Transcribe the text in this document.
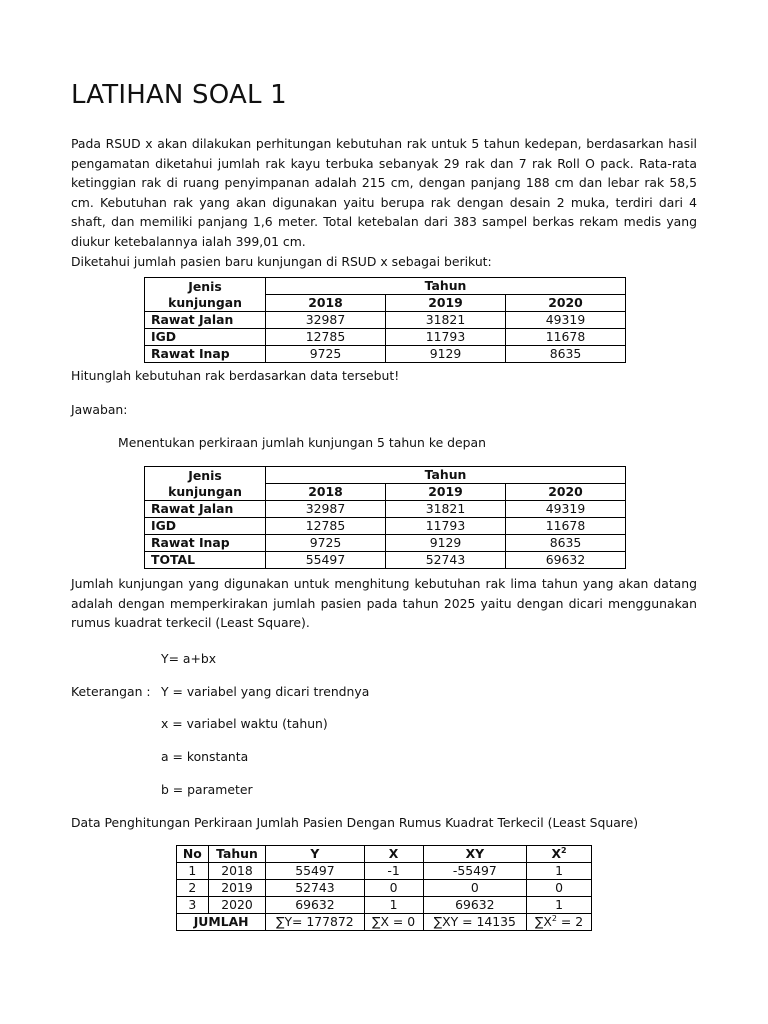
LATIHAN SOAL 1
Pada RSUD x akan dilakukan perhitungan kebutuhan rak untuk 5 tahun kedepan, berdasarkan hasil pengamatan diketahui jumlah rak kayu terbuka sebanyak 29 rak dan 7 rak Roll O pack. Rata-rata ketinggian rak di ruang penyimpanan adalah 215 cm, dengan panjang 188 cm dan lebar rak 58,5 cm. Kebutuhan rak yang akan digunakan yaitu berupa rak dengan desain 2 muka, terdiri dari 4 shaft, dan memiliki panjang 1,6 meter. Total ketebalan dari 383 sampel berkas rekam medis yang diukur ketebalannya ialah 399,01 cm.
Diketahui jumlah pasien baru kunjungan di RSUD x sebagai berikut:
Jenis kunjungan	Tahun		
	2018	2019	2020
Rawat Jalan	32987	31821	49319
IGD	12785	11793	11678
Rawat Inap	9725	9129	8635
Hitunglah kebutuhan rak berdasarkan data tersebut!
Jawaban:
Menentukan perkiraan jumlah kunjungan 5 tahun ke depan
Jenis kunjungan	Tahun		
	2018	2019	2020
Rawat Jalan	32987	31821	49319
IGD	12785	11793	11678
Rawat Inap	9725	9129	8635
TOTAL	55497	52743	69632
Jumlah kunjungan yang digunakan untuk menghitung kebutuhan rak lima tahun yang akan datang adalah dengan memperkirakan jumlah pasien pada tahun 2025 yaitu dengan dicari menggunakan rumus kuadrat terkecil (Least Square).
Y= a+bx
Keterangan : Y = variabel yang dicari trendnya
x = variabel waktu (tahun)
a = konstanta
b = parameter
Data Penghitungan Perkiraan Jumlah Pasien Dengan Rumus Kuadrat Terkecil (Least Square)
No	Tahun	Y	X	XY	$X^2$
1	2018	55497	-1	-55497	1
2	2019	52743	0	0	0
3	2020	69632	1	69632	1
JUMLAH		∑Y= 177872	∑X = 0	∑XY = 14135	$\sum X^2 = 2$
